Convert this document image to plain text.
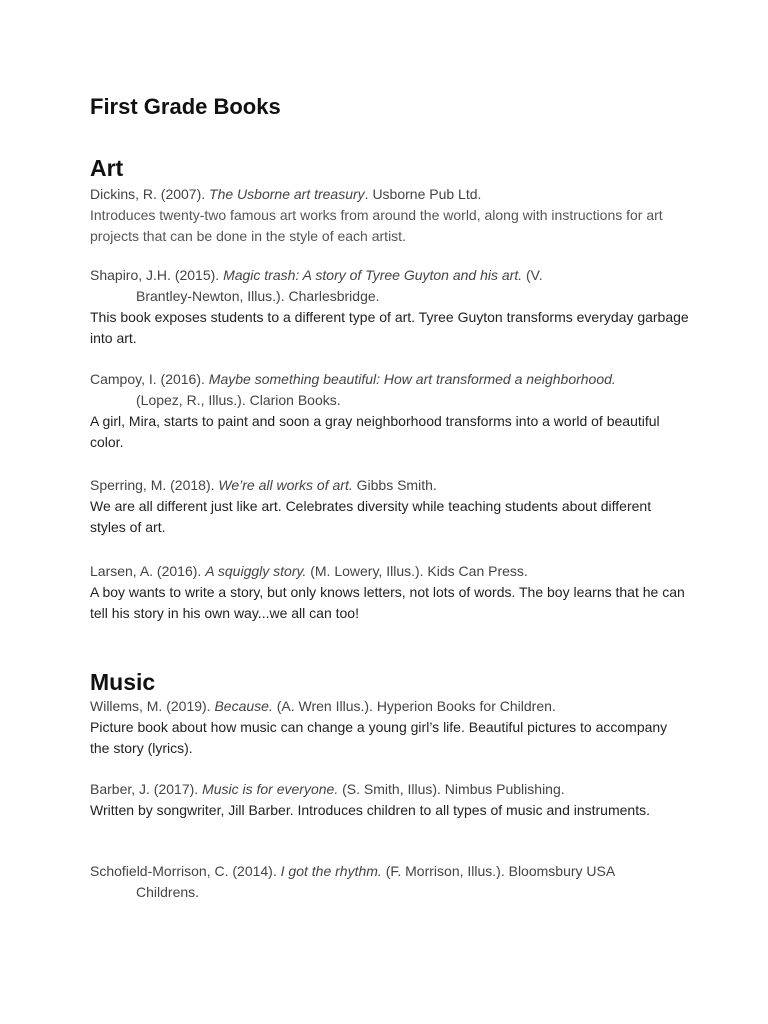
First Grade Books
Art
Dickins, R. (2007). The Usborne art treasury. Usborne Pub Ltd.
Introduces twenty-two famous art works from around the world, along with instructions for art projects that can be done in the style of each artist.
Shapiro, J.H. (2015). Magic trash: A story of Tyree Guyton and his art. (V.
Brantley-Newton, Illus.). Charlesbridge.
This book exposes students to a different type of art. Tyree Guyton transforms everyday garbage into art.
Campoy, I. (2016). Maybe something beautiful: How art transformed a neighborhood.
(Lopez, R., Illus.). Clarion Books.
A girl, Mira, starts to paint and soon a gray neighborhood transforms into a world of beautiful color.
Sperring, M. (2018). We’re all works of art. Gibbs Smith.
We are all different just like art. Celebrates diversity while teaching students about different styles of art.
Larsen, A. (2016). A squiggly story. (M. Lowery, Illus.). Kids Can Press.
A boy wants to write a story, but only knows letters, not lots of words. The boy learns that he can tell his story in his own way...we all can too!
Music
Willems, M. (2019). Because. (A. Wren Illus.). Hyperion Books for Children.
Picture book about how music can change a young girl’s life. Beautiful pictures to accompany the story (lyrics).
Barber, J. (2017). Music is for everyone. (S. Smith, Illus). Nimbus Publishing.
Written by songwriter, Jill Barber. Introduces children to all types of music and instruments.
Schofield-Morrison, C. (2014). I got the rhythm. (F. Morrison, Illus.). Bloomsbury USA
Childrens.
